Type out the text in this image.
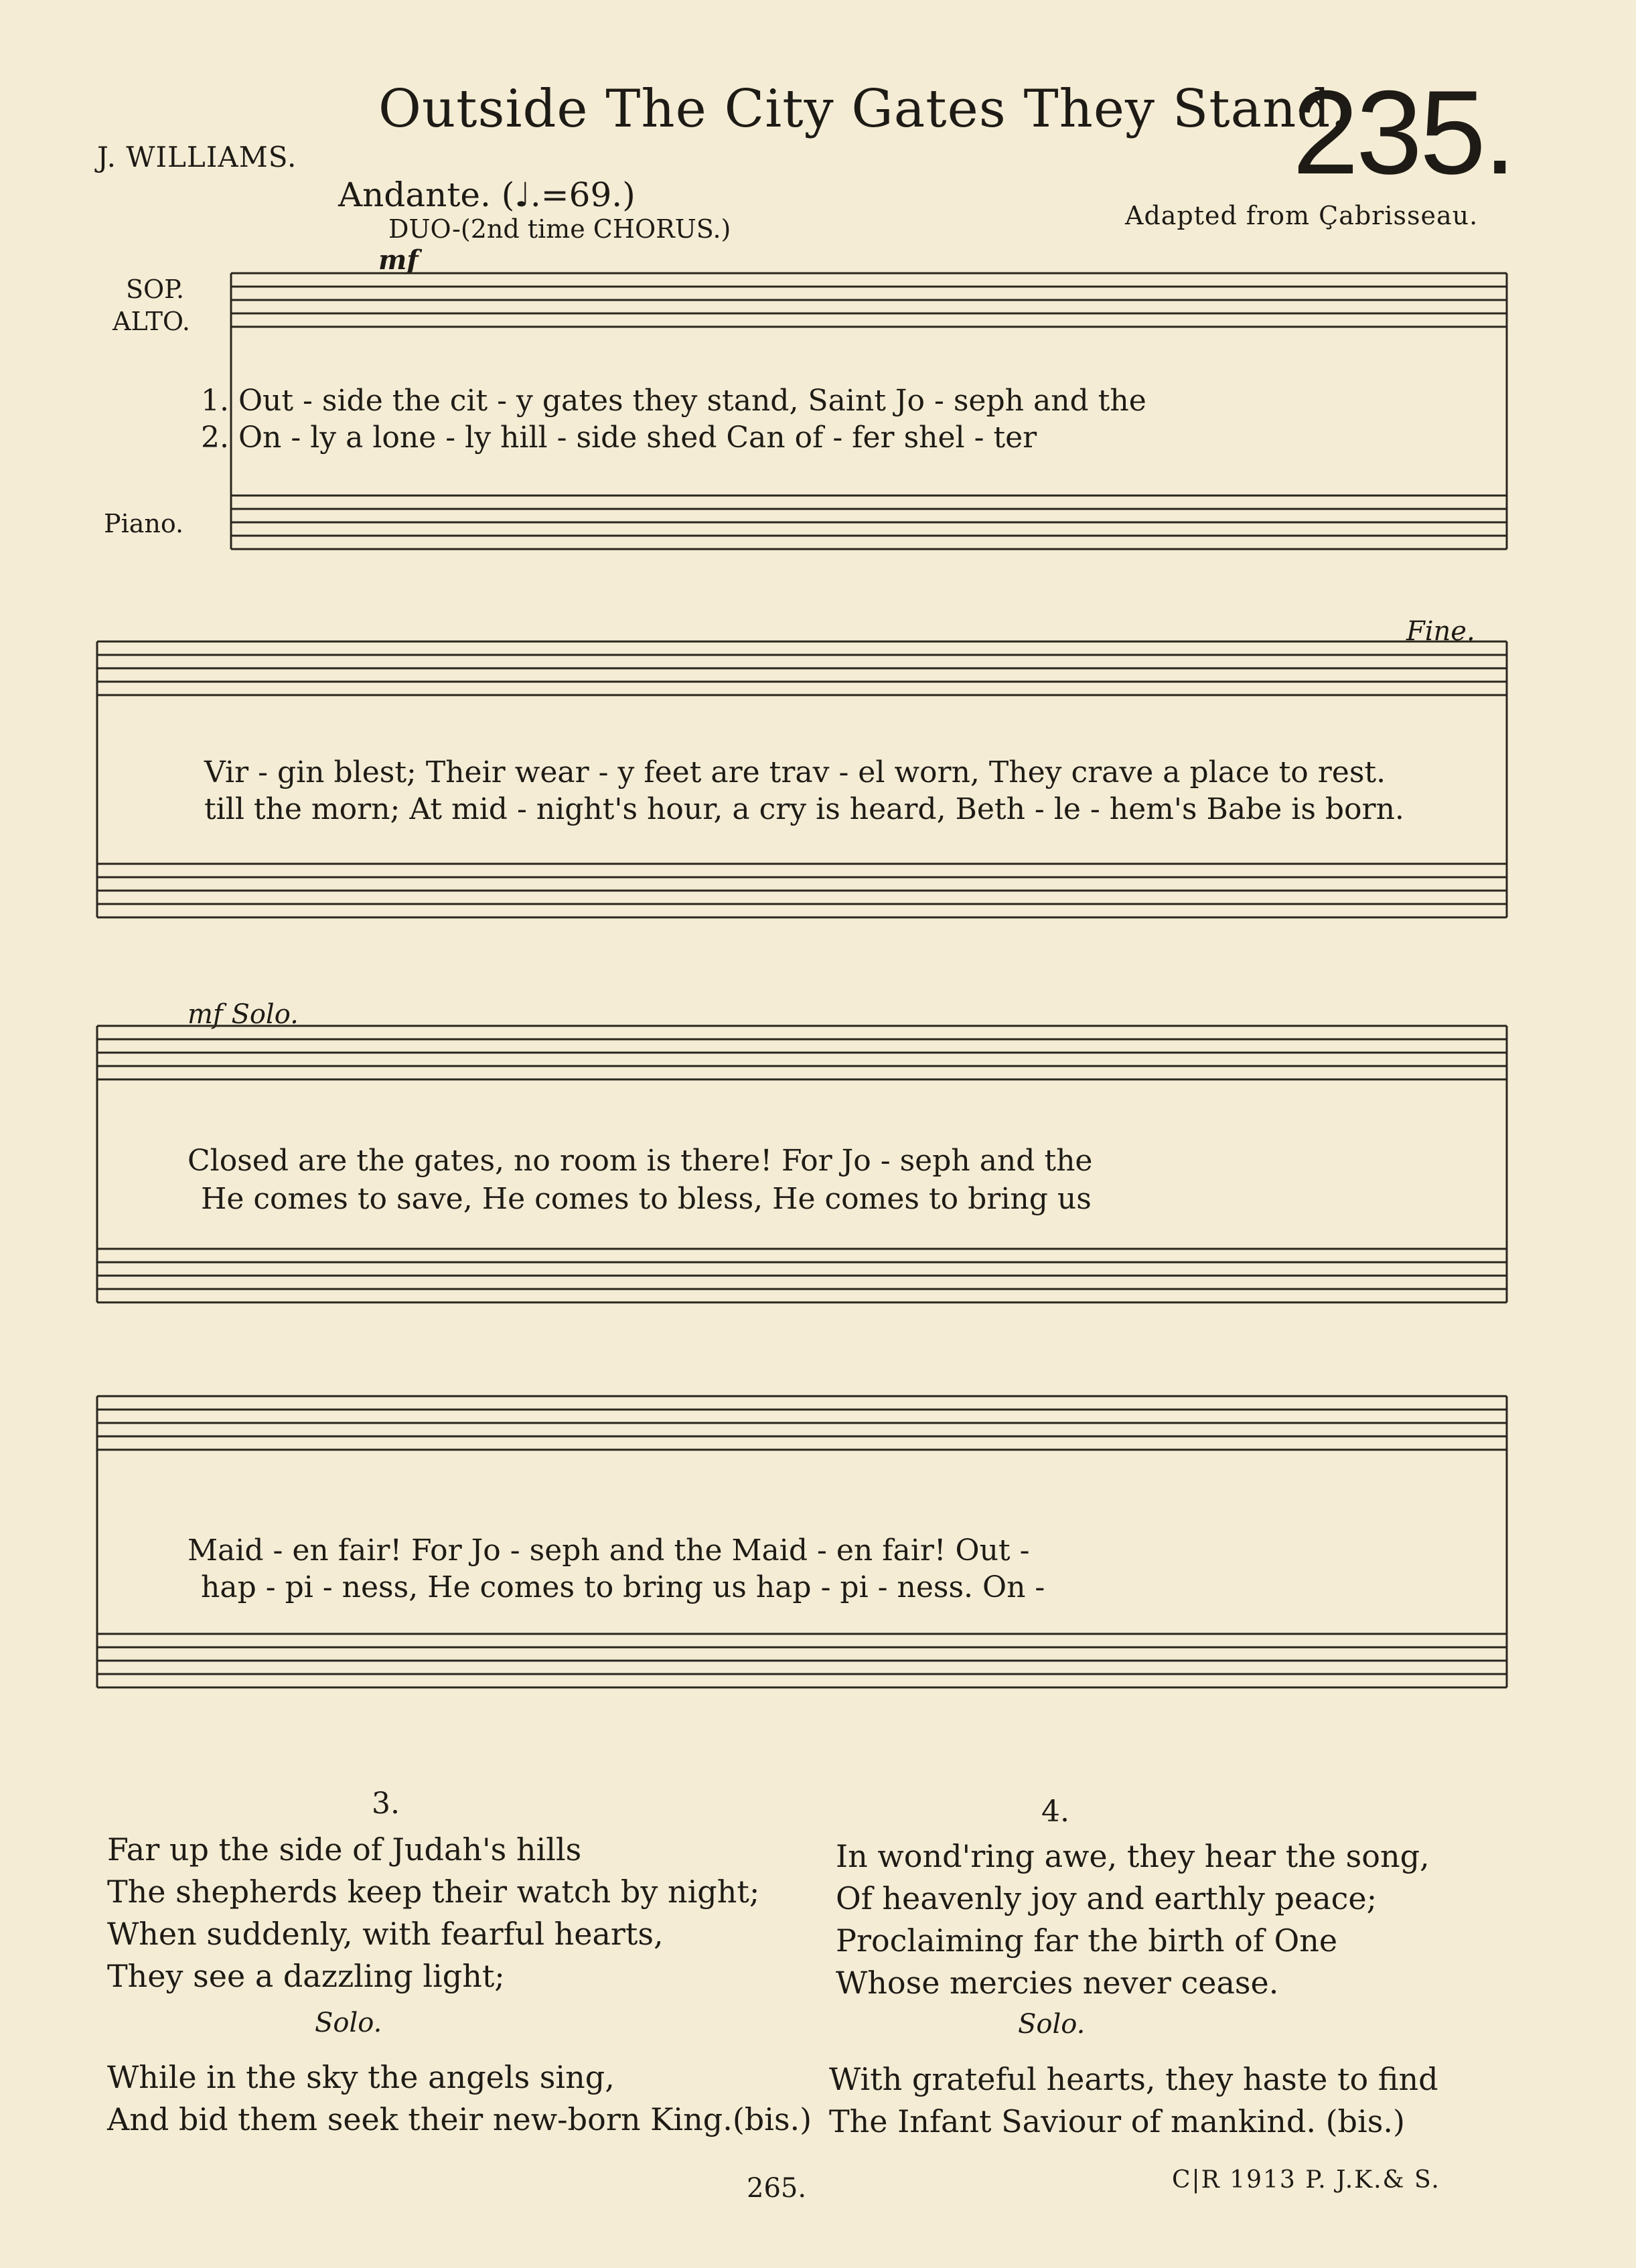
Outside The City Gates They Stand.
235.
J. WILLIAMS.
Andante. (♩.=69.)
DUO-(2nd time CHORUS.)	Adapted from Çabrisseau.
SOP.
ALTO.
Piano.
mf
Fine.
mf Solo.
1. Out - side the cit - y gates they stand, Saint Jo - seph and the
2. On - ly a lone - ly hill - side shed Can of - fer shel - ter
Vir - gin blest; Their wear - y feet are trav - el worn, They crave a place to rest.
till the morn; At mid - night's hour, a cry is heard, Beth - le - hem's Babe is born.
Closed are the gates, no room is there! For Jo - seph and the
He comes to save, He comes to bless, He comes to bring us
Maid - en fair! For Jo - seph and the Maid - en fair! Out -
hap - pi - ness, He comes to bring us hap - pi - ness. On -
3.
Far up the side of Judah's hills
The shepherds keep their watch by night;
When suddenly, with fearful hearts,
They see a dazzling light;
Solo.
While in the sky the angels sing,
And bid them seek their new-born King.(bis.)
4.
In wond'ring awe, they hear the song,
Of heavenly joy and earthly peace;
Proclaiming far the birth of One
Whose mercies never cease.
Solo.
With grateful hearts, they haste to find
The Infant Saviour of mankind. (bis.)
265.	C|R 1913 P. J.K.& S.
